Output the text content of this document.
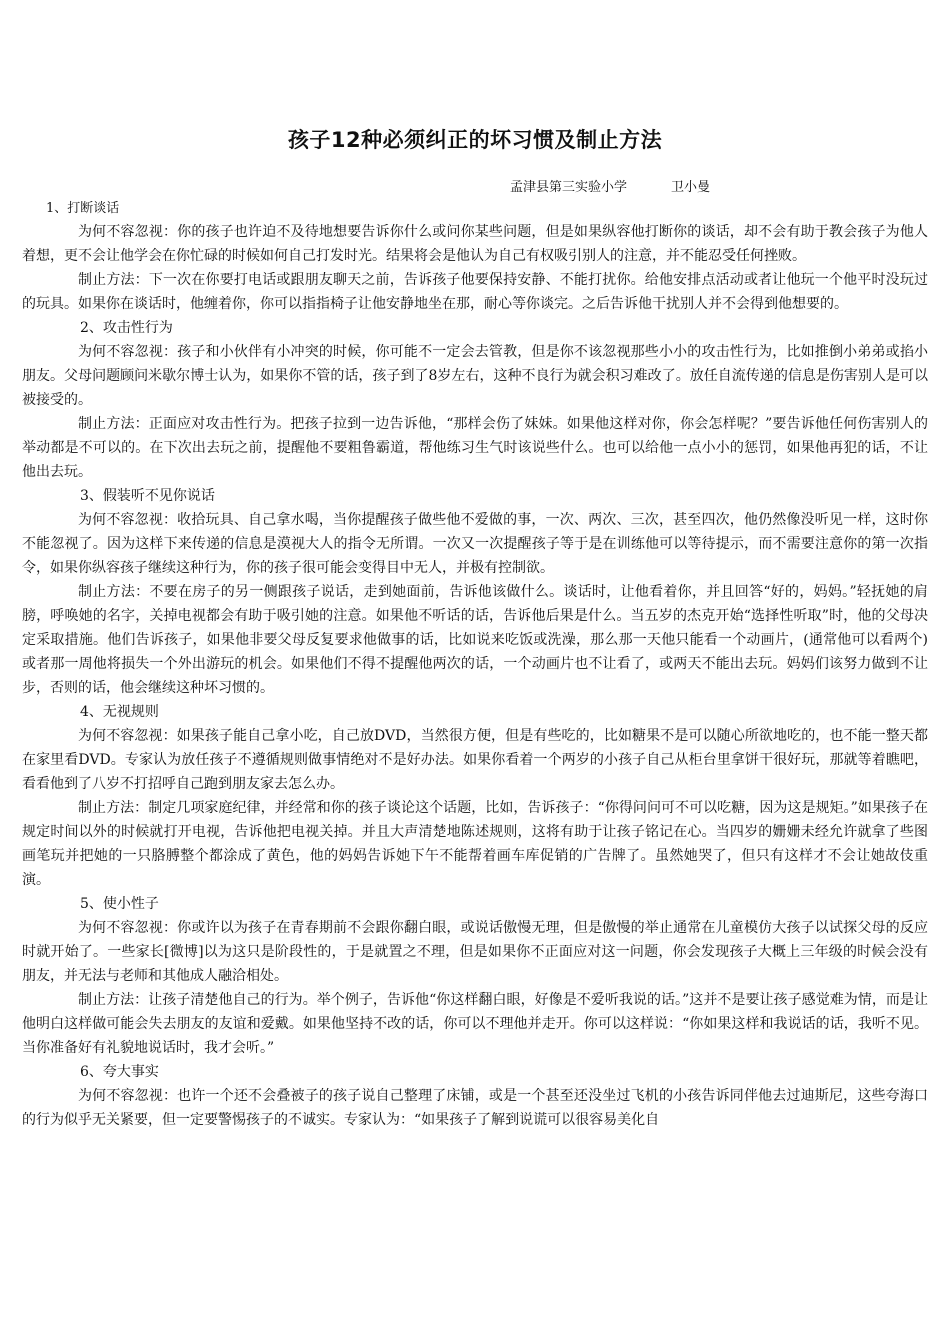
孩子12种必须纠正的坏习惯及制止方法
孟津县第三实验小学	卫小曼

1、打断谈话

为何不容忽视：你的孩子也许迫不及待地想要告诉你什么或问你某些问题，但是如果纵容他打断你的谈话，却不会有助于教会孩子为他人着想，更不会让他学会在你忙碌的时候如何自己打发时光。结果将会是他认为自己有权吸引别人的注意，并不能忍受任何挫败。

制止方法：下一次在你要打电话或跟朋友聊天之前，告诉孩子他要保持安静、不能打扰你。给他安排点活动或者让他玩一个他平时没玩过的玩具。如果你在谈话时，他缠着你，你可以指指椅子让他安静地坐在那，耐心等你谈完。之后告诉他干扰别人并不会得到他想要的。

2、攻击性行为

为何不容忽视：孩子和小伙伴有小冲突的时候，你可能不一定会去管教，但是你不该忽视那些小小的攻击性行为，比如推倒小弟弟或掐小朋友。父母问题顾问米歇尔博士认为，如果你不管的话，孩子到了8岁左右，这种不良行为就会积习难改了。放任自流传递的信息是伤害别人是可以被接受的。

制止方法：正面应对攻击性行为。把孩子拉到一边告诉他，“那样会伤了妹妹。如果他这样对你，你会怎样呢？”要告诉他任何伤害别人的举动都是不可以的。在下次出去玩之前，提醒他不要粗鲁霸道，帮他练习生气时该说些什么。也可以给他一点小小的惩罚，如果他再犯的话，不让他出去玩。

3、假装听不见你说话

为何不容忽视：收拾玩具、自己拿水喝，当你提醒孩子做些他不爱做的事，一次、两次、三次，甚至四次，他仍然像没听见一样，这时你不能忽视了。因为这样下来传递的信息是漠视大人的指令无所谓。一次又一次提醒孩子等于是在训练他可以等待提示，而不需要注意你的第一次指令，如果你纵容孩子继续这种行为，你的孩子很可能会变得目中无人，并极有控制欲。

制止方法：不要在房子的另一侧跟孩子说话，走到她面前，告诉他该做什么。谈话时，让他看着你，并且回答“好的，妈妈。”轻抚她的肩膀，呼唤她的名字，关掉电视都会有助于吸引她的注意。如果他不听话的话，告诉他后果是什么。当五岁的杰克开始“选择性听取”时，他的父母决定采取措施。他们告诉孩子，如果他非要父母反复要求他做事的话，比如说来吃饭或洗澡，那么那一天他只能看一个动画片，(通常他可以看两个)或者那一周他将损失一个外出游玩的机会。如果他们不得不提醒他两次的话，一个动画片也不让看了，或两天不能出去玩。妈妈们该努力做到不让步，否则的话，他会继续这种坏习惯的。

4、无视规则

为何不容忽视：如果孩子能自己拿小吃，自己放DVD，当然很方便，但是有些吃的，比如糖果不是可以随心所欲地吃的，也不能一整天都在家里看DVD。专家认为放任孩子不遵循规则做事情绝对不是好办法。如果你看着一个两岁的小孩子自己从柜台里拿饼干很好玩，那就等着瞧吧，看看他到了八岁不打招呼自己跑到朋友家去怎么办。

制止方法：制定几项家庭纪律，并经常和你的孩子谈论这个话题，比如，告诉孩子：“你得问问可不可以吃糖，因为这是规矩。”如果孩子在规定时间以外的时候就打开电视，告诉他把电视关掉。并且大声清楚地陈述规则，这将有助于让孩子铭记在心。当四岁的姗姗未经允许就拿了些图画笔玩并把她的一只胳膊整个都涂成了黄色，他的妈妈告诉她下午不能帮着画车库促销的广告牌了。虽然她哭了，但只有这样才不会让她故伎重演。

5、使小性子

为何不容忽视：你或许以为孩子在青春期前不会跟你翻白眼，或说话傲慢无理，但是傲慢的举止通常在儿童模仿大孩子以试探父母的反应时就开始了。一些家长[微博]以为这只是阶段性的，于是就置之不理，但是如果你不正面应对这一问题，你会发现孩子大概上三年级的时候会没有朋友，并无法与老师和其他成人融洽相处。

制止方法：让孩子清楚他自己的行为。举个例子，告诉他“你这样翻白眼，好像是不爱听我说的话。”这并不是要让孩子感觉难为情，而是让他明白这样做可能会失去朋友的友谊和爱戴。如果他坚持不改的话，你可以不理他并走开。你可以这样说：“你如果这样和我说话的话，我听不见。当你准备好有礼貌地说话时，我才会听。”

6、夸大事实

为何不容忽视：也许一个还不会叠被子的孩子说自己整理了床铺，或是一个甚至还没坐过飞机的小孩告诉同伴他去过迪斯尼，这些夸海口的行为似乎无关紧要，但一定要警惕孩子的不诚实。专家认为：“如果孩子了解到说谎可以很容易美化自
